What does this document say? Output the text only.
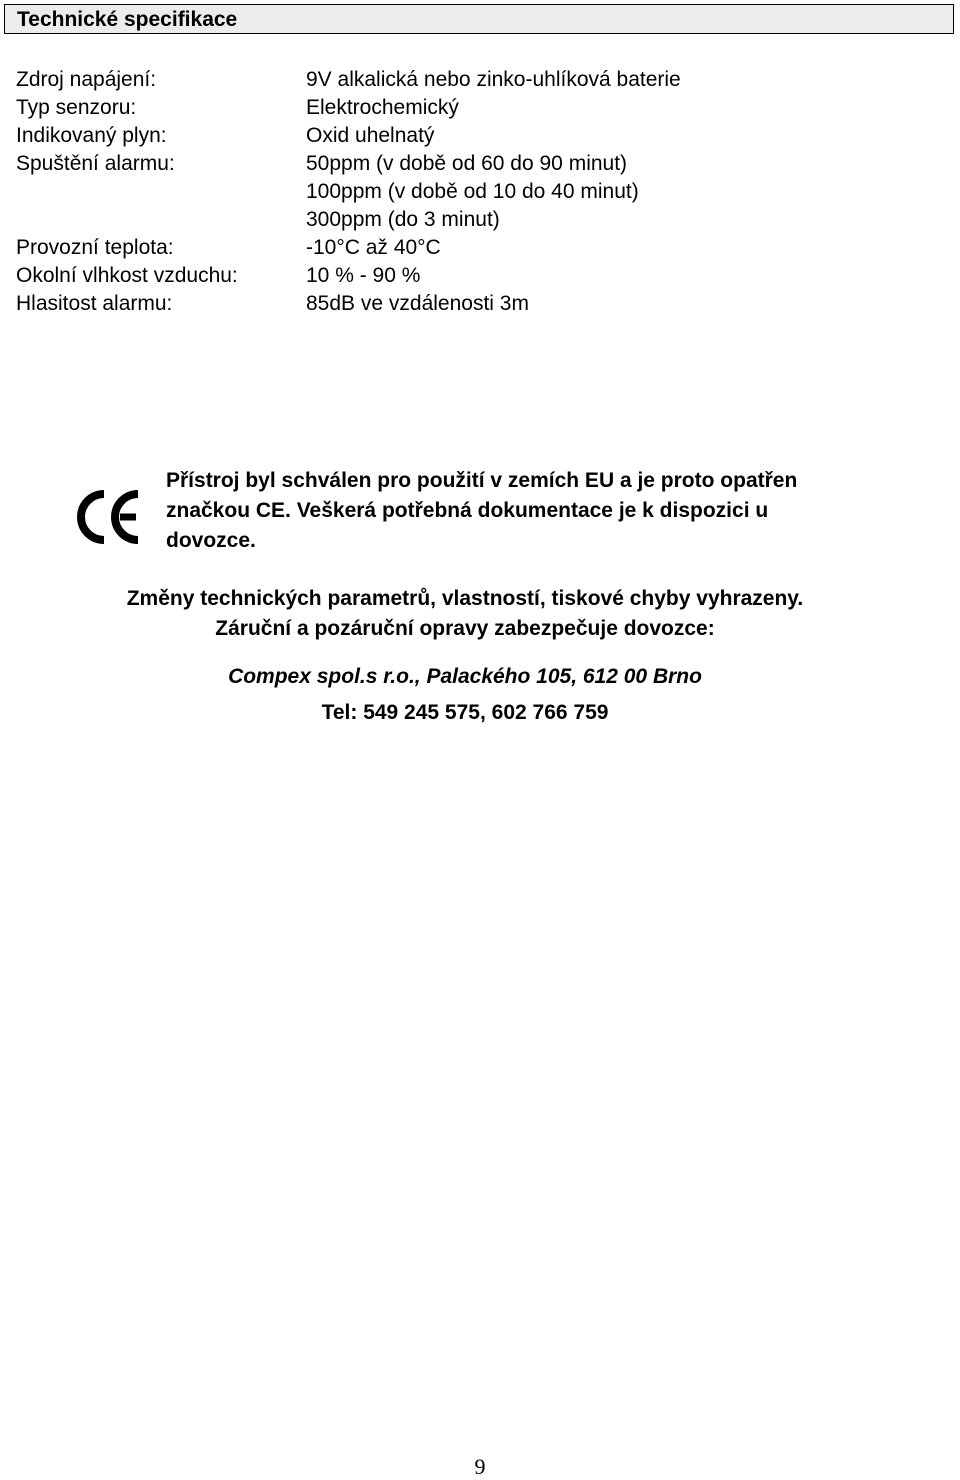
Technické specifikace
Zdroj napájení:	9V alkalická nebo zinko-uhlíková baterie
Typ senzoru:	Elektrochemický
Indikovaný plyn:	Oxid uhelnatý
Spuštění alarmu:	50ppm (v době od 60 do 90 minut)
100ppm (v době od 10 do 40 minut)
300ppm (do 3 minut)
Provozní teplota:	-10°C až 40°C
Okolní vlhkost vzduchu:	10 % - 90 %
Hlasitost alarmu:	85dB ve vzdálenosti 3m
Přístroj byl schválen pro použití v zemích EU a je proto opatřen
značkou CE. Veškerá potřebná dokumentace je k dispozici u
dovozce.
Změny technických parametrů, vlastností, tiskové chyby vyhrazeny.
Záruční a pozáruční opravy zabezpečuje dovozce:
Compex spol.s r.o., Palackého 105, 612 00 Brno
Tel: 549 245 575, 602 766 759
9
